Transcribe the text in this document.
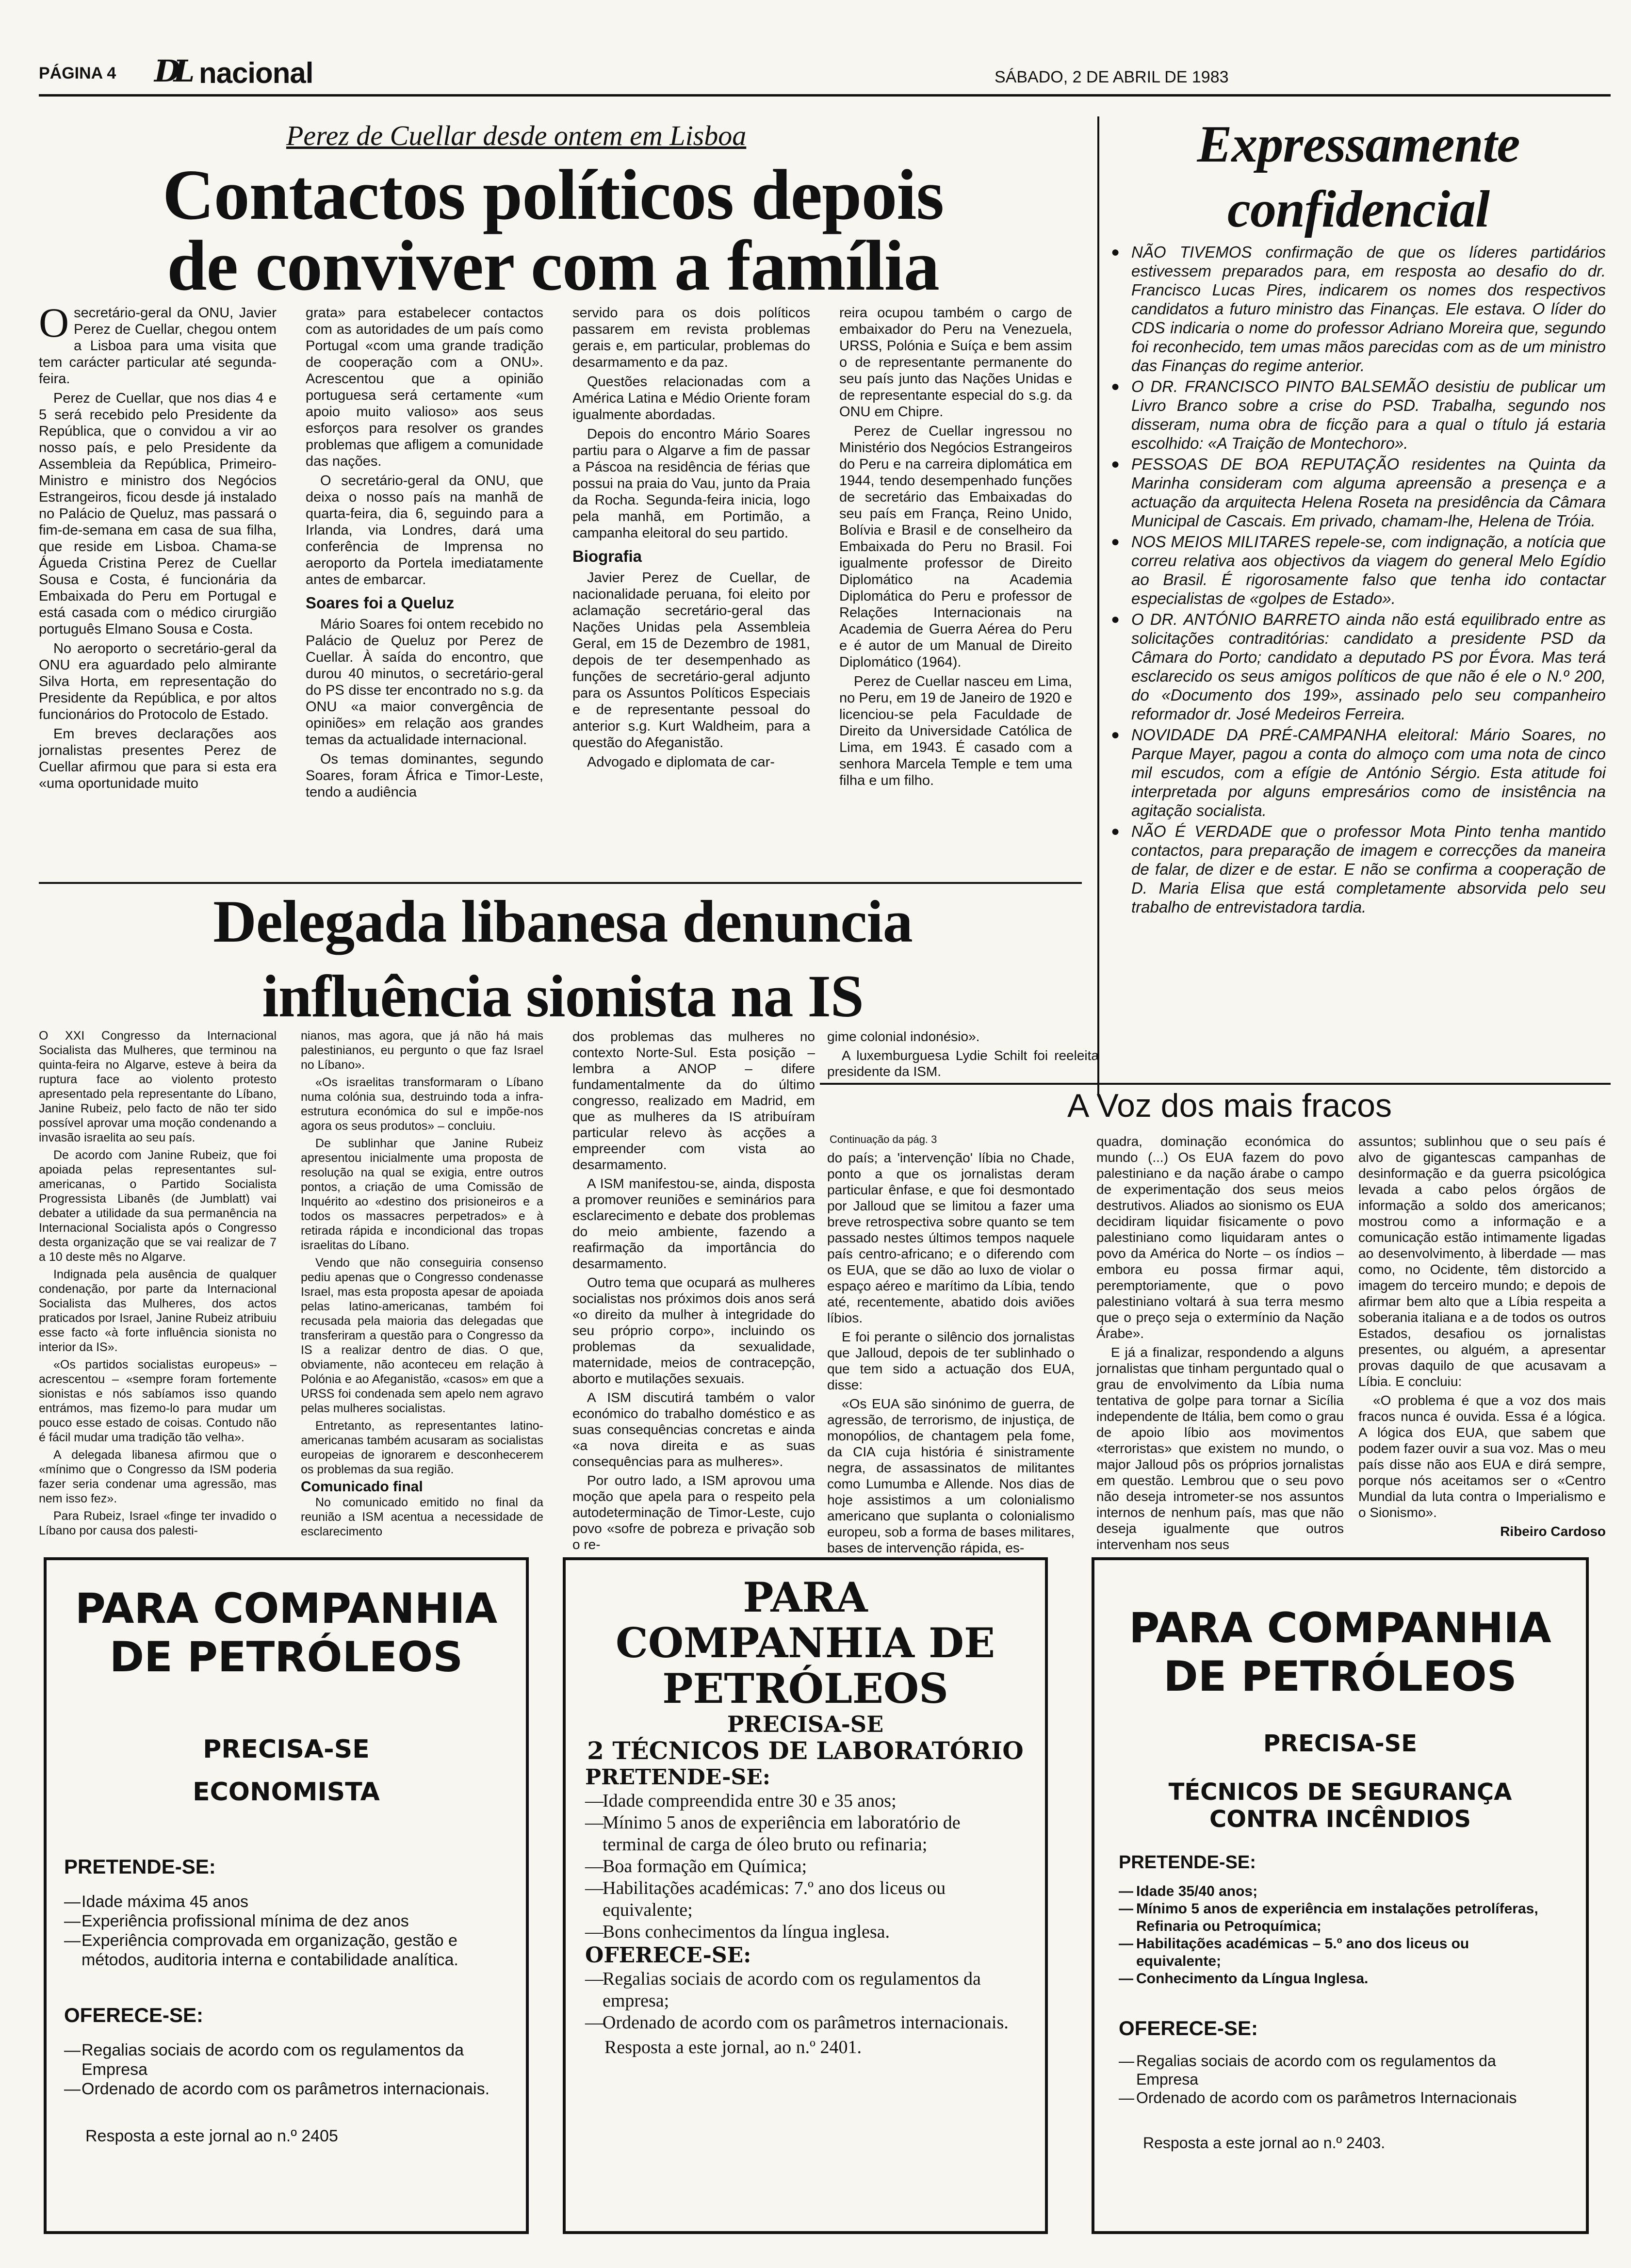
PÁGINA 4 DL nacional	SÁBADO, 2 DE ABRIL DE 1983
Perez de Cuellar desde ontem em Lisboa
Contactos políticos depois
de conviver com a família

Osecretário-geral da ONU, Javier Perez de Cuellar, chegou ontem a Lisboa para uma visita que tem carácter particular até segunda-feira.

Perez de Cuellar, que nos dias 4 e 5 será recebido pelo Presidente da República, que o convidou a vir ao nosso país, e pelo Presidente da Assembleia da República, Primeiro-Ministro e ministro dos Negócios Estrangeiros, ficou desde já instalado no Palácio de Queluz, mas passará o fim-de-semana em casa de sua filha, que reside em Lisboa. Chama-se Águeda Cristina Perez de Cuellar Sousa e Costa, é funcionária da Embaixada do Peru em Portugal e está casada com o médico cirurgião português Elmano Sousa e Costa.

No aeroporto o secretário-geral da ONU era aguardado pelo almirante Silva Horta, em representação do Presidente da República, e por altos funcionários do Protocolo de Estado.

Em breves declarações aos jornalistas presentes Perez de Cuellar afirmou que para si esta era «uma oportunidade muito

grata» para estabelecer contactos com as autoridades de um país como Portugal «com uma grande tradição de cooperação com a ONU». Acrescentou que a opinião portuguesa será certamente «um apoio muito valioso» aos seus esforços para resolver os grandes problemas que afligem a comunidade das nações.

O secretário-geral da ONU, que deixa o nosso país na manhã de quarta-feira, dia 6, seguindo para a Irlanda, via Londres, dará uma conferência de Imprensa no aeroporto da Portela imediatamente antes de embarcar.

Soares foi a Queluz

Mário Soares foi ontem recebido no Palácio de Queluz por Perez de Cuellar. À saída do encontro, que durou 40 minutos, o secretário-geral do PS disse ter encontrado no s.g. da ONU «a maior convergência de opiniões» em relação aos grandes temas da actualidade internacional.

Os temas dominantes, segundo Soares, foram África e Timor-Leste, tendo a audiência

servido para os dois políticos passarem em revista problemas gerais e, em particular, problemas do desarmamento e da paz.

Questões relacionadas com a América Latina e Médio Oriente foram igualmente abordadas.

Depois do encontro Mário Soares partiu para o Algarve a fim de passar a Páscoa na residência de férias que possui na praia do Vau, junto da Praia da Rocha. Segunda-feira inicia, logo pela manhã, em Portimão, a campanha eleitoral do seu partido.

Biografia

Javier Perez de Cuellar, de nacionalidade peruana, foi eleito por aclamação secretário-geral das Nações Unidas pela Assembleia Geral, em 15 de Dezembro de 1981, depois de ter desempenhado as funções de secretário-geral adjunto para os Assuntos Políticos Especiais e de representante pessoal do anterior s.g. Kurt Waldheim, para a questão do Afeganistão.

Advogado e diplomata de car-

reira ocupou também o cargo de embaixador do Peru na Venezuela, URSS, Polónia e Suíça e bem assim o de representante permanente do seu país junto das Nações Unidas e de representante especial do s.g. da ONU em Chipre.

Perez de Cuellar ingressou no Ministério dos Negócios Estrangeiros do Peru e na carreira diplomática em 1944, tendo desempenhado funções de secretário das Embaixadas do seu país em França, Reino Unido, Bolívia e Brasil e de conselheiro da Embaixada do Peru no Brasil. Foi igualmente professor de Direito Diplomático na Academia Diplomática do Peru e professor de Relações Internacionais na Academia de Guerra Aérea do Peru e é autor de um Manual de Direito Diplomático (1964).

Perez de Cuellar nasceu em Lima, no Peru, em 19 de Janeiro de 1920 e licenciou-se pela Faculdade de Direito da Universidade Católica de Lima, em 1943. É casado com a senhora Marcela Temple e tem uma filha e um filho.

Expressamente
confidencial
● NÃO TIVEMOS confirmação de que os líderes partidários estivessem preparados para, em resposta ao desafio do dr. Francisco Lucas Pires, indicarem os nomes dos respectivos candidatos a futuro ministro das Finanças. Ele estava. O líder do CDS indicaria o nome do professor Adriano Moreira que, segundo foi reconhecido, tem umas mãos parecidas com as de um ministro das Finanças do regime anterior.
● O DR. FRANCISCO PINTO BALSEMÃO desistiu de publicar um Livro Branco sobre a crise do PSD. Trabalha, segundo nos disseram, numa obra de ficção para a qual o título já estaria escolhido: «A Traição de Montechoro».
● PESSOAS DE BOA REPUTAÇÃO residentes na Quinta da Marinha consideram com alguma apreensão a presença e a actuação da arquitecta Helena Roseta na presidência da Câmara Municipal de Cascais. Em privado, chamam-lhe, Helena de Tróia.
● NOS MEIOS MILITARES repele-se, com indignação, a notícia que correu relativa aos objectivos da viagem do general Melo Egídio ao Brasil. É rigorosamente falso que tenha ido contactar especialistas de «golpes de Estado».
● O DR. ANTÓNIO BARRETO ainda não está equilibrado entre as solicitações contraditórias: candidato a presidente PSD da Câmara do Porto; candidato a deputado PS por Évora. Mas terá esclarecido os seus amigos políticos de que não é ele o N.º 200, do «Documento dos 199», assinado pelo seu companheiro reformador dr. José Medeiros Ferreira.
● NOVIDADE DA PRÉ-CAMPANHA eleitoral: Mário Soares, no Parque Mayer, pagou a conta do almoço com uma nota de cinco mil escudos, com a efígie de António Sérgio. Esta atitude foi interpretada por alguns empresários como de insistência na agitação socialista.
● NÃO É VERDADE que o professor Mota Pinto tenha mantido contactos, para preparação de imagem e correcções da maneira de falar, de dizer e de estar. E não se confirma a cooperação de D. Maria Elisa que está completamente absorvida pelo seu trabalho de entrevistadora tardia.
Delegada libanesa denuncia
influência sionista na IS

O XXI Congresso da Internacional Socialista das Mulheres, que terminou na quinta-feira no Algarve, esteve à beira da ruptura face ao violento protesto apresentado pela representante do Líbano, Janine Rubeiz, pelo facto de não ter sido possível aprovar uma moção condenando a invasão israelita ao seu país.

De acordo com Janine Rubeiz, que foi apoiada pelas representantes sul-americanas, o Partido Socialista Progressista Libanês (de Jumblatt) vai debater a utilidade da sua permanência na Internacional Socialista após o Congresso desta organização que se vai realizar de 7 a 10 deste mês no Algarve.

Indignada pela ausência de qualquer condenação, por parte da Internacional Socialista das Mulheres, dos actos praticados por Israel, Janine Rubeiz atribuiu esse facto «à forte influência sionista no interior da IS».

«Os partidos socialistas europeus» – acrescentou – «sempre foram fortemente sionistas e nós sabíamos isso quando entrámos, mas fizemo-lo para mudar um pouco esse estado de coisas. Contudo não é fácil mudar uma tradição tão velha».

A delegada libanesa afirmou que o «mínimo que o Congresso da ISM poderia fazer seria condenar uma agressão, mas nem isso fez».

Para Rubeiz, Israel «finge ter invadido o Líbano por causa dos palesti-

nianos, mas agora, que já não há mais palestinianos, eu pergunto o que faz Israel no Líbano».

«Os israelitas transformaram o Líbano numa colónia sua, destruindo toda a infra-estrutura económica do sul e impõe-nos agora os seus produtos» – concluiu.

De sublinhar que Janine Rubeiz apresentou inicialmente uma proposta de resolução na qual se exigia, entre outros pontos, a criação de uma Comissão de Inquérito ao «destino dos prisioneiros e a todos os massacres perpetrados» e à retirada rápida e incondicional das tropas israelitas do Líbano.

Vendo que não conseguiria consenso pediu apenas que o Congresso condenasse Israel, mas esta proposta apesar de apoiada pelas latino-americanas, também foi recusada pela maioria das delegadas que transferiram a questão para o Congresso da IS a realizar dentro de dias. O que, obviamente, não aconteceu em relação à Polónia e ao Afeganistão, «casos» em que a URSS foi condenada sem apelo nem agravo pelas mulheres socialistas.

Entretanto, as representantes latino-americanas também acusaram as socialistas europeias de ignorarem e desconhecerem os problemas da sua região.

Comunicado final

No comunicado emitido no final da reunião a ISM acentua a necessidade de esclarecimento

dos problemas das mulheres no contexto Norte-Sul. Esta posição – lembra a ANOP – difere fundamentalmente da do último congresso, realizado em Madrid, em que as mulheres da IS atribuíram particular relevo às acções a empreender com vista ao desarmamento.

A ISM manifestou-se, ainda, disposta a promover reuniões e seminários para esclarecimento e debate dos problemas do meio ambiente, fazendo a reafirmação da importância do desarmamento.

Outro tema que ocupará as mulheres socialistas nos próximos dois anos será «o direito da mulher à integridade do seu próprio corpo», incluindo os problemas da sexualidade, maternidade, meios de contracepção, aborto e mutilações sexuais.

A ISM discutirá também o valor económico do trabalho doméstico e as suas consequências concretas e ainda «a nova direita e as suas consequências para as mulheres».

Por outro lado, a ISM aprovou uma moção que apela para o respeito pela autodeterminação de Timor-Leste, cujo povo «sofre de pobreza e privação sob o re-

gime colonial indonésio».

A luxemburguesa Lydie Schilt foi reeleita presidente da ISM.

A Voz dos mais fracos
Continuação da pág. 3

do país; a 'intervenção' líbia no Chade, ponto a que os jornalistas deram particular ênfase, e que foi desmontado por Jalloud que se limitou a fazer uma breve retrospectiva sobre quanto se tem passado nestes últimos tempos naquele país centro-africano; e o diferendo com os EUA, que se dão ao luxo de violar o espaço aéreo e marítimo da Líbia, tendo até, recentemente, abatido dois aviões líbios.

E foi perante o silêncio dos jornalistas que Jalloud, depois de ter sublinhado o que tem sido a actuação dos EUA, disse:

«Os EUA são sinónimo de guerra, de agressão, de terrorismo, de injustiça, de monopólios, de chantagem pela fome, da CIA cuja história é sinistramente negra, de assassinatos de militantes como Lumumba e Allende. Nos dias de hoje assistimos a um colonialismo americano que suplanta o colonialismo europeu, sob a forma de bases militares, bases de intervenção rápida, es-

quadra, dominação económica do mundo (...) Os EUA fazem do povo palestiniano e da nação árabe o campo de experimentação dos seus meios destrutivos. Aliados ao sionismo os EUA decidiram liquidar fisicamente o povo palestiniano como liquidaram antes o povo da América do Norte – os índios – embora eu possa firmar aqui, peremptoriamente, que o povo palestiniano voltará à sua terra mesmo que o preço seja o extermínio da Nação Árabe».

E já a finalizar, respondendo a alguns jornalistas que tinham perguntado qual o grau de envolvimento da Líbia numa tentativa de golpe para tornar a Sicília independente de Itália, bem como o grau de apoio líbio aos movimentos «terroristas» que existem no mundo, o major Jalloud pôs os próprios jornalistas em questão. Lembrou que o seu povo não deseja intrometer-se nos assuntos internos de nenhum país, mas que não deseja igualmente que outros intervenham nos seus

assuntos; sublinhou que o seu país é alvo de gigantescas campanhas de desinformação e da guerra psicológica levada a cabo pelos órgãos de informação a soldo dos americanos; mostrou como a informação e a comunicação estão intimamente ligadas ao desenvolvimento, à liberdade — mas como, no Ocidente, têm distorcido a imagem do terceiro mundo; e depois de afirmar bem alto que a Líbia respeita a soberania italiana e a de todos os outros Estados, desafiou os jornalistas presentes, ou alguém, a apresentar provas daquilo de que acusavam a Líbia. E concluiu:

«O problema é que a voz dos mais fracos nunca é ouvida. Essa é a lógica. A lógica dos EUA, que sabem que podem fazer ouvir a sua voz. Mas o meu país disse não aos EUA e dirá sempre, porque nós aceitamos ser o «Centro Mundial da luta contra o Imperialismo e o Sionismo».

Ribeiro Cardoso
PARA COMPANHIA
DE PETRÓLEOS
PRECISA-SE
ECONOMISTA
PRETENDE-SE:
— Idade máxima 45 anos
— Experiência profissional mínima de dez anos
— Experiência comprovada em organização, gestão e métodos, auditoria interna e contabilidade analítica.
OFERECE-SE:
— Regalias sociais de acordo com os regulamentos da Empresa
— Ordenado de acordo com os parâmetros internacionais.
Resposta a este jornal ao n.º 2405
PARA
COMPANHIA DE
PETRÓLEOS
PRECISA-SE
2 TÉCNICOS DE LABORATÓRIO
PRETENDE-SE:
— Idade compreendida entre 30 e 35 anos;
— Mínimo 5 anos de experiência em laboratório de terminal de carga de óleo bruto ou refinaria;
— Boa formação em Química;
— Habilitações académicas: 7.º ano dos liceus ou equivalente;
— Bons conhecimentos da língua inglesa.
OFERECE-SE:
— Regalias sociais de acordo com os regulamentos da empresa;
— Ordenado de acordo com os parâmetros internacionais.
Resposta a este jornal, ao n.º 2401.
PARA COMPANHIA
DE PETRÓLEOS
PRECISA-SE
TÉCNICOS DE SEGURANÇA
CONTRA INCÊNDIOS
PRETENDE-SE:
— Idade 35/40 anos;
— Mínimo 5 anos de experiência em instalações petrolíferas, Refinaria ou Petroquímica;
— Habilitações académicas – 5.º ano dos liceus ou equivalente;
— Conhecimento da Língua Inglesa.
OFERECE-SE:
— Regalias sociais de acordo com os regulamentos da Empresa
— Ordenado de acordo com os parâmetros Internacionais
Resposta a este jornal ao n.º 2403.
